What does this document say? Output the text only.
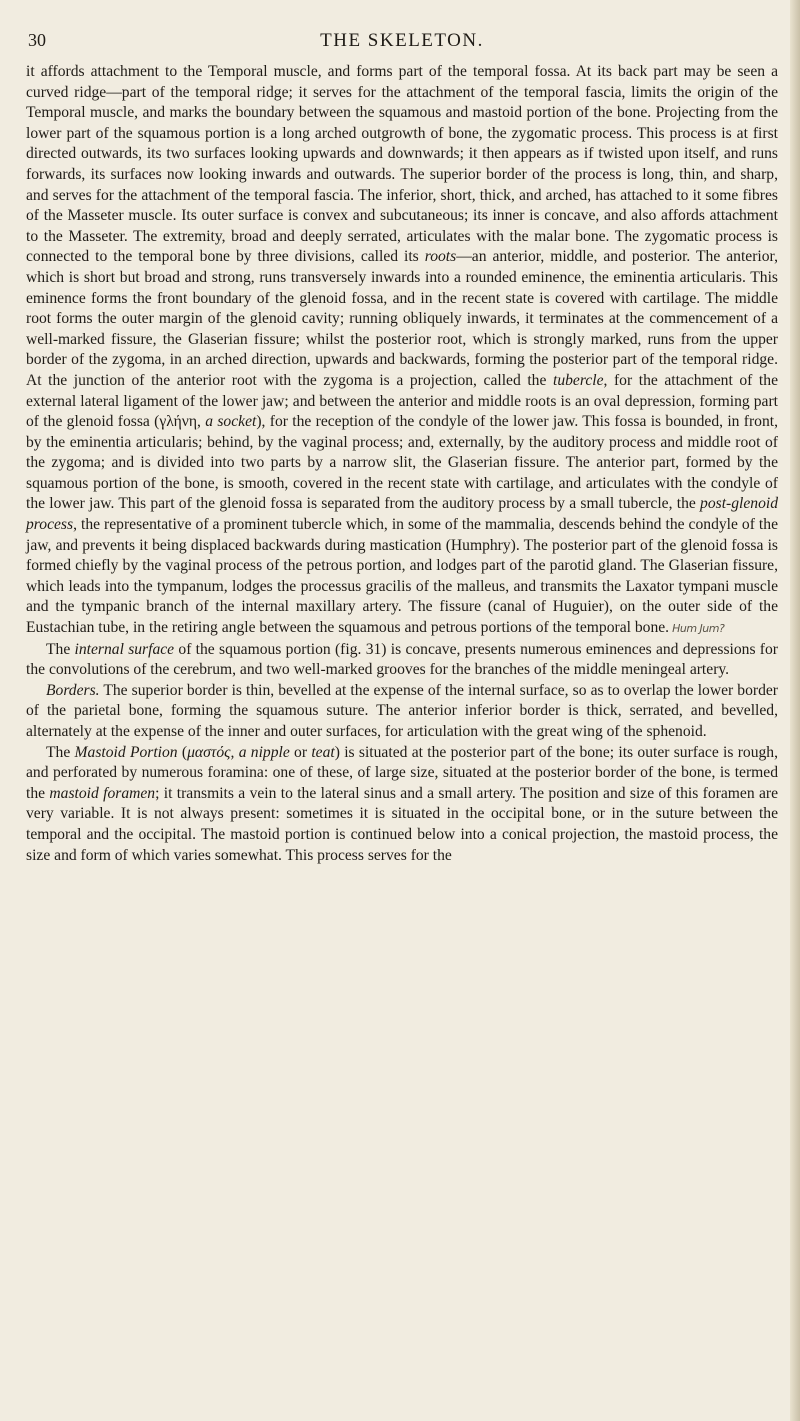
30	THE SKELETON.

it affords attachment to the Temporal muscle, and forms part of the temporal fossa. At its back part may be seen a curved ridge—part of the temporal ridge; it serves for the attachment of the temporal fascia, limits the origin of the Temporal muscle, and marks the boundary between the squamous and mastoid portion of the bone. Projecting from the lower part of the squamous portion is a long arched outgrowth of bone, the zygomatic process. This process is at first directed outwards, its two surfaces looking upwards and downwards; it then appears as if twisted upon itself, and runs forwards, its surfaces now looking inwards and outwards. The superior border of the process is long, thin, and sharp, and serves for the attachment of the temporal fascia. The inferior, short, thick, and arched, has attached to it some fibres of the Masseter muscle. Its outer surface is convex and subcutaneous; its inner is concave, and also affords attachment to the Masseter. The extremity, broad and deeply serrated, articulates with the malar bone. The zygomatic process is connected to the temporal bone by three divisions, called its roots—an anterior, middle, and posterior. The anterior, which is short but broad and strong, runs transversely inwards into a rounded eminence, the eminentia articularis. This eminence forms the front boundary of the glenoid fossa, and in the recent state is covered with cartilage. The middle root forms the outer margin of the glenoid cavity; running obliquely inwards, it terminates at the commencement of a well-marked fissure, the Glaserian fissure; whilst the posterior root, which is strongly marked, runs from the upper border of the zygoma, in an arched direction, upwards and backwards, forming the posterior part of the temporal ridge. At the junction of the anterior root with the zygoma is a projection, called the tubercle, for the attachment of the external lateral ligament of the lower jaw; and between the anterior and middle roots is an oval depression, forming part of the glenoid fossa (γλήνη, a socket), for the reception of the condyle of the lower jaw. This fossa is bounded, in front, by the eminentia articularis; behind, by the vaginal process; and, externally, by the auditory process and middle root of the zygoma; and is divided into two parts by a narrow slit, the Glaserian fissure. The anterior part, formed by the squamous portion of the bone, is smooth, covered in the recent state with cartilage, and articulates with the condyle of the lower jaw. This part of the glenoid fossa is separated from the auditory process by a small tubercle, the post-glenoid process, the representative of a prominent tubercle which, in some of the mammalia, descends behind the condyle of the jaw, and prevents it being displaced backwards during mastication (Humphry). The posterior part of the glenoid fossa is formed chiefly by the vaginal process of the petrous portion, and lodges part of the parotid gland. The Glaserian fissure, which leads into the tympanum, lodges the processus gracilis of the malleus, and transmits the Laxator tympani muscle and the tympanic branch of the internal maxillary artery. The fissure (canal of Huguier), on the outer side of the Eustachian tube, in the retiring angle between the squamous and petrous portions of the temporal bone. Hum Jum?

The internal surface of the squamous portion (fig. 31) is concave, presents numerous eminences and depressions for the convolutions of the cerebrum, and two well-marked grooves for the branches of the middle meningeal artery.

Borders. The superior border is thin, bevelled at the expense of the internal surface, so as to overlap the lower border of the parietal bone, forming the squamous suture. The anterior inferior border is thick, serrated, and bevelled, alternately at the expense of the inner and outer surfaces, for articulation with the great wing of the sphenoid.

The Mastoid Portion (μαστός, a nipple or teat) is situated at the posterior part of the bone; its outer surface is rough, and perforated by numerous foramina: one of these, of large size, situated at the posterior border of the bone, is termed the mastoid foramen; it transmits a vein to the lateral sinus and a small artery. The position and size of this foramen are very variable. It is not always present: sometimes it is situated in the occipital bone, or in the suture between the temporal and the occipital. The mastoid portion is continued below into a conical projection, the mastoid process, the size and form of which varies somewhat. This process serves for the
